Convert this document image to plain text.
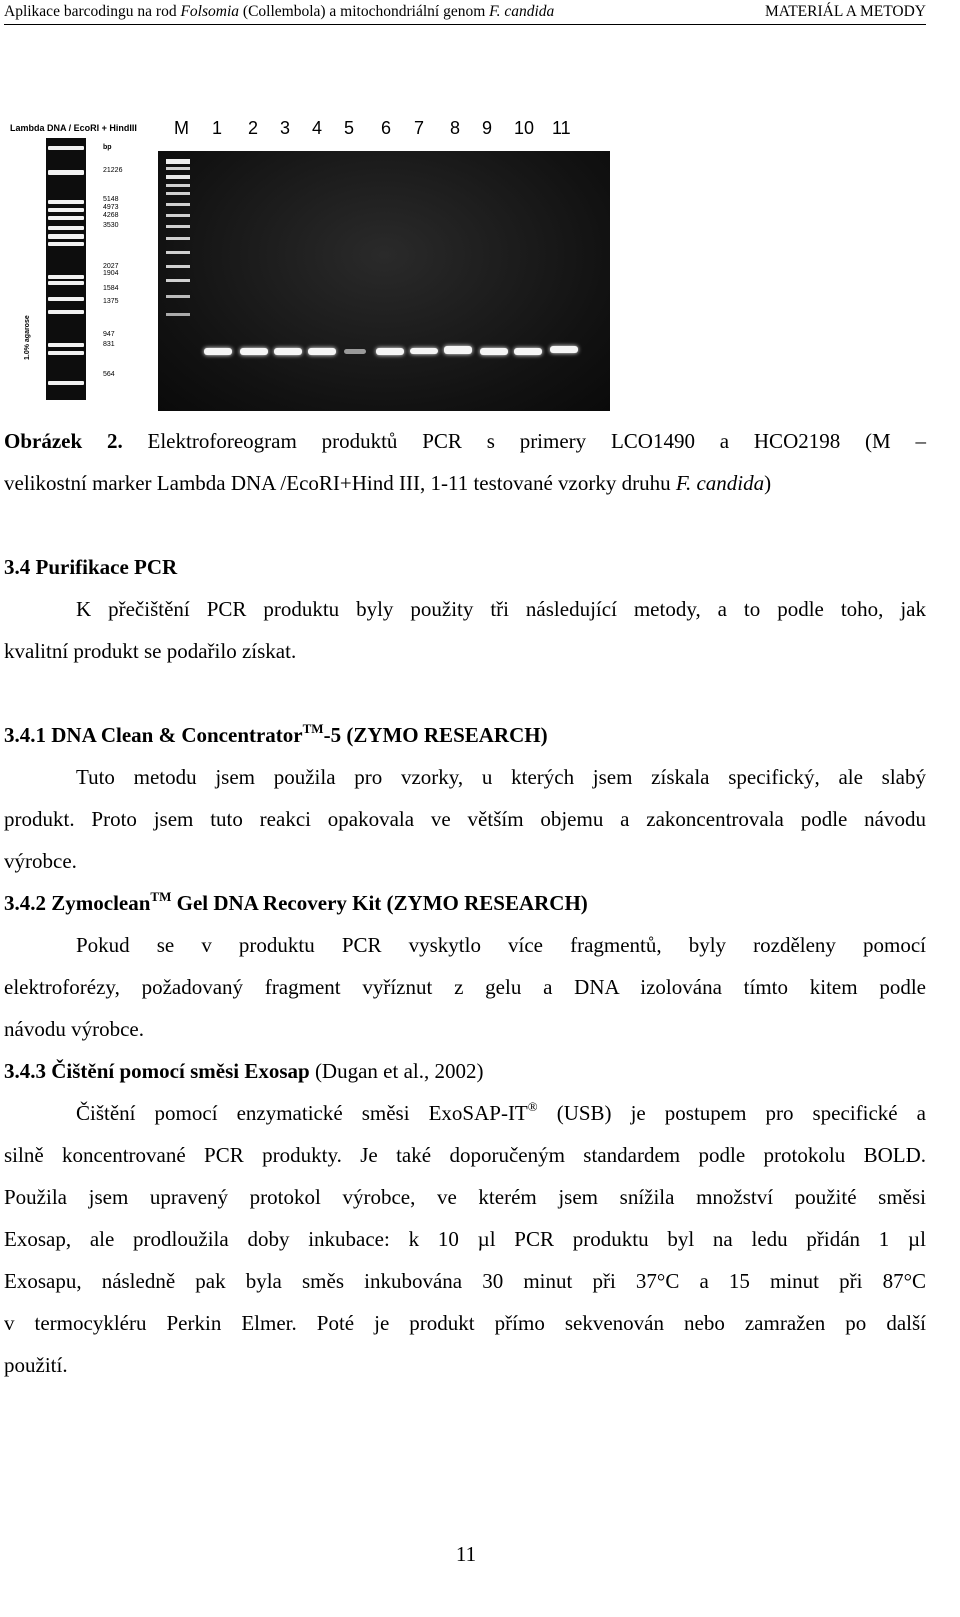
Aplikace barcodingu na rod Folsomia (Collembola) a mitochondriální genom F. candida	MATERIÁL A METODY
Lambda DNA / EcoRI + HindIII
bp
21226
5148
4973
4268
3530
2027
1904
1584
1375
947
831
564
1.0% agarose
M 1 2 3 4 5 6 7 8 9 10 11
Obrázek 2. Elektroforeogram produktů PCR s primery LCO1490 a HCO2198 (M –
velikostní marker Lambda DNA /EcoRI+Hind III, 1-11 testované vzorky druhu F. candida)
3.4 Purifikace PCR
K přečištění PCR produktu byly použity tři následující metody, a to podle toho, jak
kvalitní produkt se podařilo získat.
3.4.1 DNA Clean & Concentrator™-5 (ZYMO RESEARCH)
Tuto metodu jsem použila pro vzorky, u kterých jsem získala specifický, ale slabý
produkt. Proto jsem tuto reakci opakovala ve větším objemu a zakoncentrovala podle návodu
výrobce.
3.4.2 Zymoclean™ Gel DNA Recovery Kit (ZYMO RESEARCH)
Pokud se v produktu PCR vyskytlo více fragmentů, byly rozděleny pomocí
elektroforézy, požadovaný fragment vyříznut z gelu a DNA izolována tímto kitem podle
návodu výrobce.
3.4.3 Čištění pomocí směsi Exosap (Dugan et al., 2002)
Čištění pomocí enzymatické směsi ExoSAP-IT® (USB) je postupem pro specifické a
silně koncentrované PCR produkty. Je také doporučeným standardem podle protokolu BOLD.
Použila jsem upravený protokol výrobce, ve kterém jsem snížila množství použité směsi
Exosap, ale prodloužila doby inkubace: k 10 µl PCR produktu byl na ledu přidán 1 µl
Exosapu, následně pak byla směs inkubována 30 minut při 37°C a 15 minut při 87°C
v termocykléru Perkin Elmer. Poté je produkt přímo sekvenován nebo zamražen po další
použití.
11
